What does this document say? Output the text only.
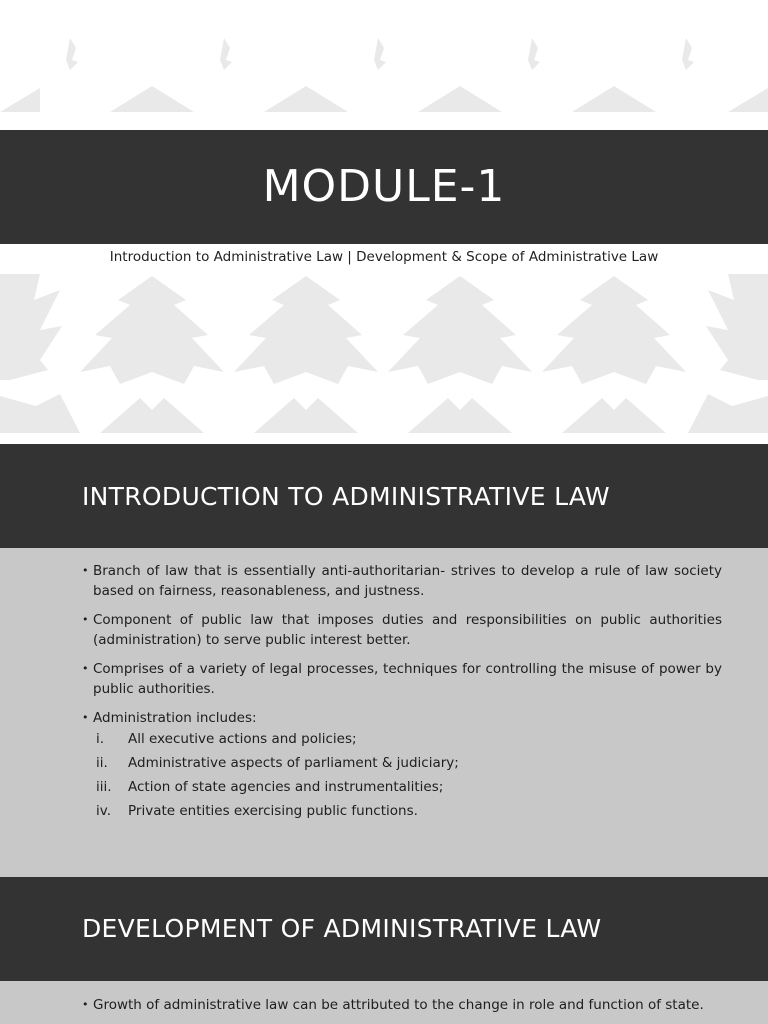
MODULE-1
Introduction to Administrative Law | Development & Scope of Administrative Law
INTRODUCTION TO ADMINISTRATIVE LAW
• Branch of law that is essentially anti-authoritarian- strives to develop a rule of law society based on fairness, reasonableness, and justness.
• Component of public law that imposes duties and responsibilities on public authorities (administration) to serve public interest better.
• Comprises of a variety of legal processes, techniques for controlling the misuse of power by public authorities.
• Administration includes:
i. All executive actions and policies;
ii. Administrative aspects of parliament & judiciary;
iii. Action of state agencies and instrumentalities;
iv. Private entities exercising public functions.
DEVELOPMENT OF ADMINISTRATIVE LAW
• Growth of administrative law can be attributed to the change in role and function of state.
